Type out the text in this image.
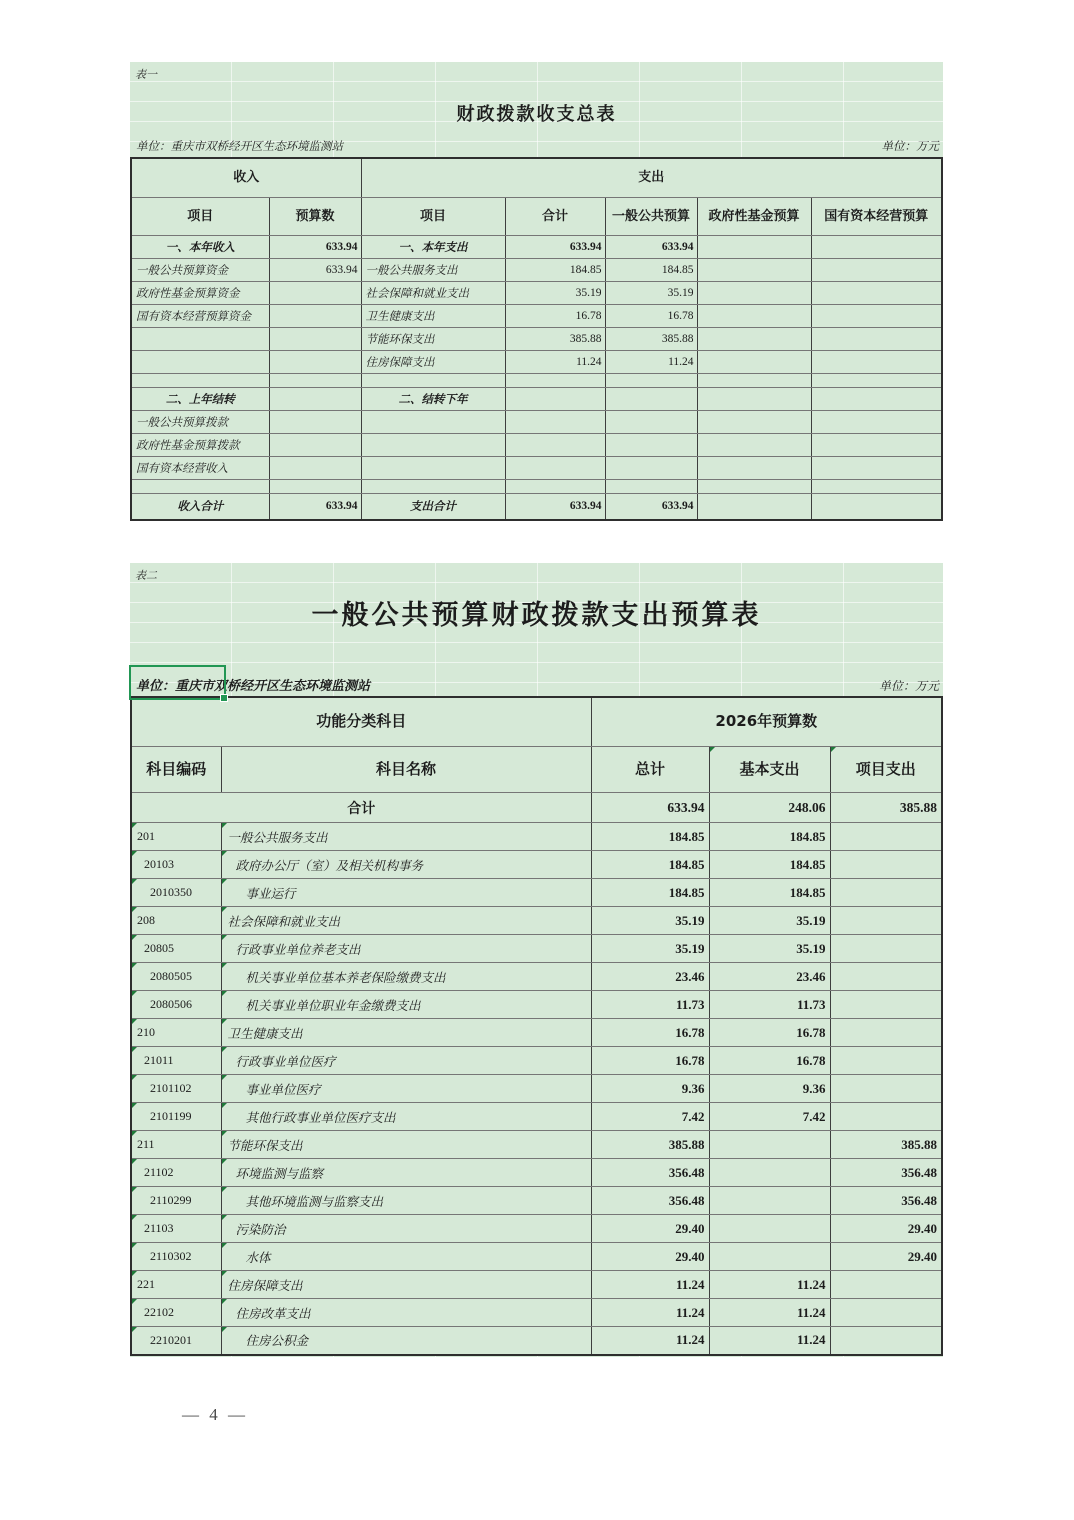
表一
财政拨款收支总表
单位：重庆市双桥经开区生态环境监测站	单位：万元
收入		支出				
项目	预算数	项目	合计	一般公共预算	政府性基金预算	国有资本经营预算
一、本年收入	633.94	一、本年支出	633.94	633.94		
一般公共预算资金	633.94	一般公共服务支出	184.85	184.85		
政府性基金预算资金		社会保障和就业支出	35.19	35.19		
国有资本经营预算资金		卫生健康支出	16.78	16.78		
		节能环保支出	385.88	385.88		
		住房保障支出	11.24	11.24		

二、上年结转		二、结转下年				
一般公共预算拨款						
政府性基金预算拨款						
国有资本经营收入						

收入合计	633.94	支出合计	633.94	633.94		
表二
一般公共预算财政拨款支出预算表
单位：重庆市双桥经开区生态环境监测站	单位：万元
功能分类科目		2026年预算数		
科目编码	科目名称	总计	基本支出	项目支出
合计		633.94	248.06	385.88
201	一般公共服务支出	184.85	184.85	
20103	政府办公厅（室）及相关机构事务	184.85	184.85	
2010350	事业运行	184.85	184.85	
208	社会保障和就业支出	35.19	35.19	
20805	行政事业单位养老支出	35.19	35.19	
2080505	机关事业单位基本养老保险缴费支出	23.46	23.46	
2080506	机关事业单位职业年金缴费支出	11.73	11.73	
210	卫生健康支出	16.78	16.78	
21011	行政事业单位医疗	16.78	16.78	
2101102	事业单位医疗	9.36	9.36	
2101199	其他行政事业单位医疗支出	7.42	7.42	
211	节能环保支出	385.88		385.88
21102	环境监测与监察	356.48		356.48
2110299	其他环境监测与监察支出	356.48		356.48
21103	污染防治	29.40		29.40
2110302	水体	29.40		29.40
221	住房保障支出	11.24	11.24	
22102	住房改革支出	11.24	11.24	
2210201	住房公积金	11.24	11.24	
— 4 —
